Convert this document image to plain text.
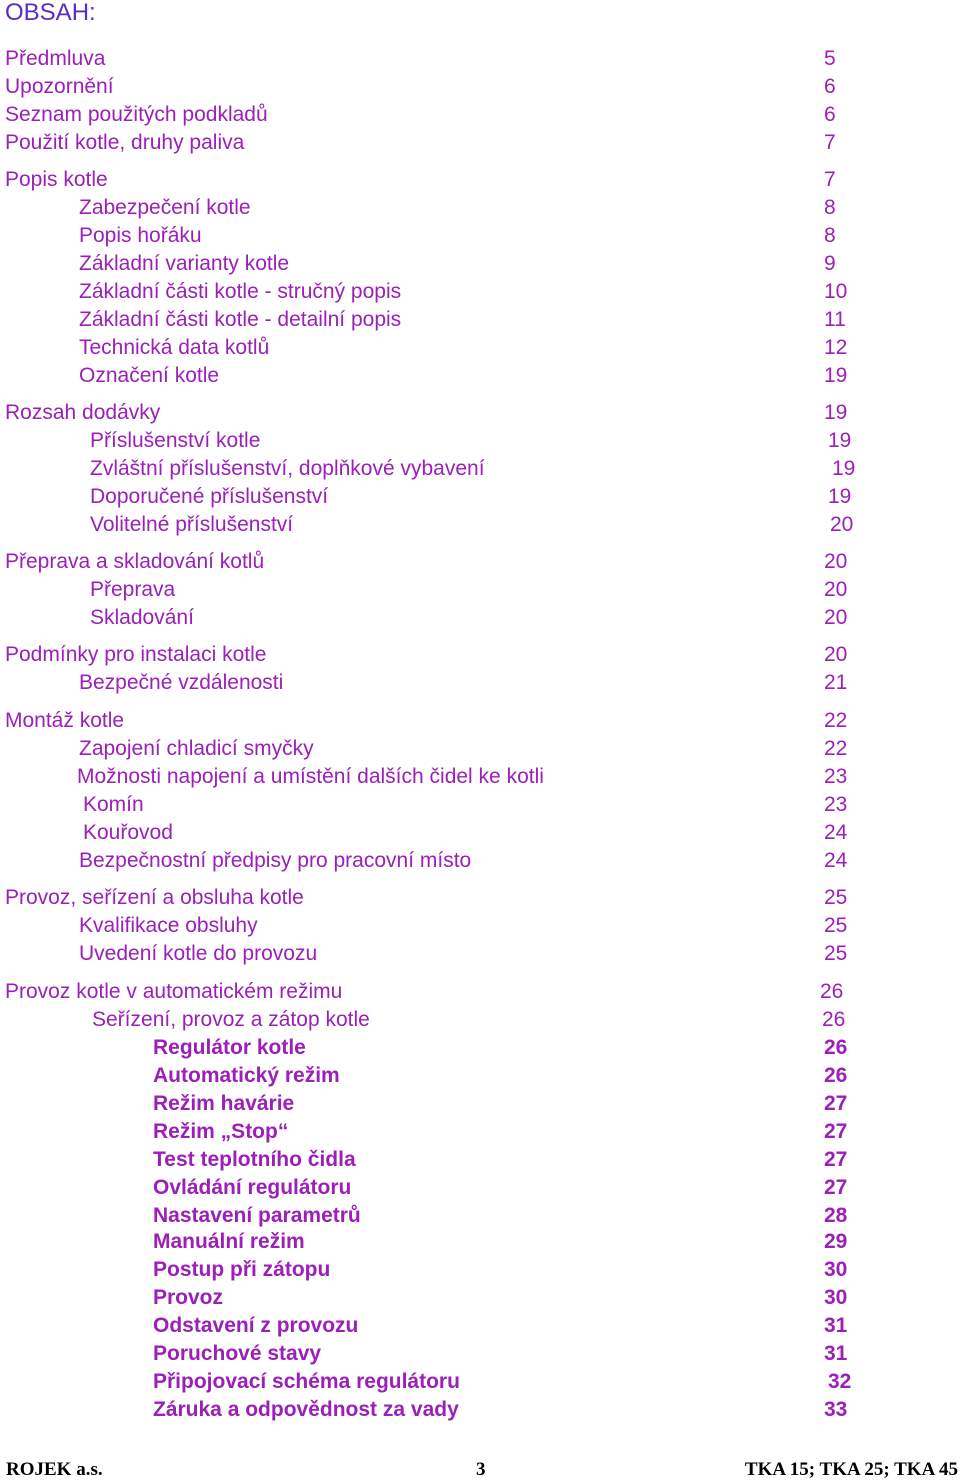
OBSAH:
Předmluva	5
Upozornění	6
Seznam použitých podkladů	6
Použití kotle, druhy paliva	7
Popis kotle	7
Zabezpečení kotle	8
Popis hořáku	8
Základní varianty kotle	9
Základní části kotle - stručný popis	10
Základní části kotle - detailní popis	11
Technická data kotlů	12
Označení kotle	19
Rozsah dodávky	19
Příslušenství kotle	19
Zvláštní příslušenství, doplňkové vybavení	19
Doporučené příslušenství	19
Volitelné příslušenství	20
Přeprava a skladování kotlů	20
Přeprava	20
Skladování	20
Podmínky pro instalaci kotle	20
Bezpečné vzdálenosti	21
Montáž kotle	22
Zapojení chladicí smyčky	22
Možnosti napojení a umístění dalších čidel ke kotli	23
Komín	23
Kouřovod	24
Bezpečnostní předpisy pro pracovní místo	24
Provoz, seřízení a obsluha kotle	25
Kvalifikace obsluhy	25
Uvedení kotle do provozu	25
Provoz kotle v automatickém režimu	26
Seřízení, provoz a zátop kotle	26
Regulátor kotle	26
Automatický režim	26
Režim havárie	27
Režim „Stop“	27
Test teplotního čidla	27
Ovládání regulátoru	27
Nastavení parametrů	28
Manuální režim	29
Postup při zátopu	30
Provoz	30
Odstavení z provozu	31
Poruchové stavy	31
Připojovací schéma regulátoru	32
Záruka a odpovědnost za vady	33
ROJEK a.s.	3	TKA 15; TKA 25; TKA 45
